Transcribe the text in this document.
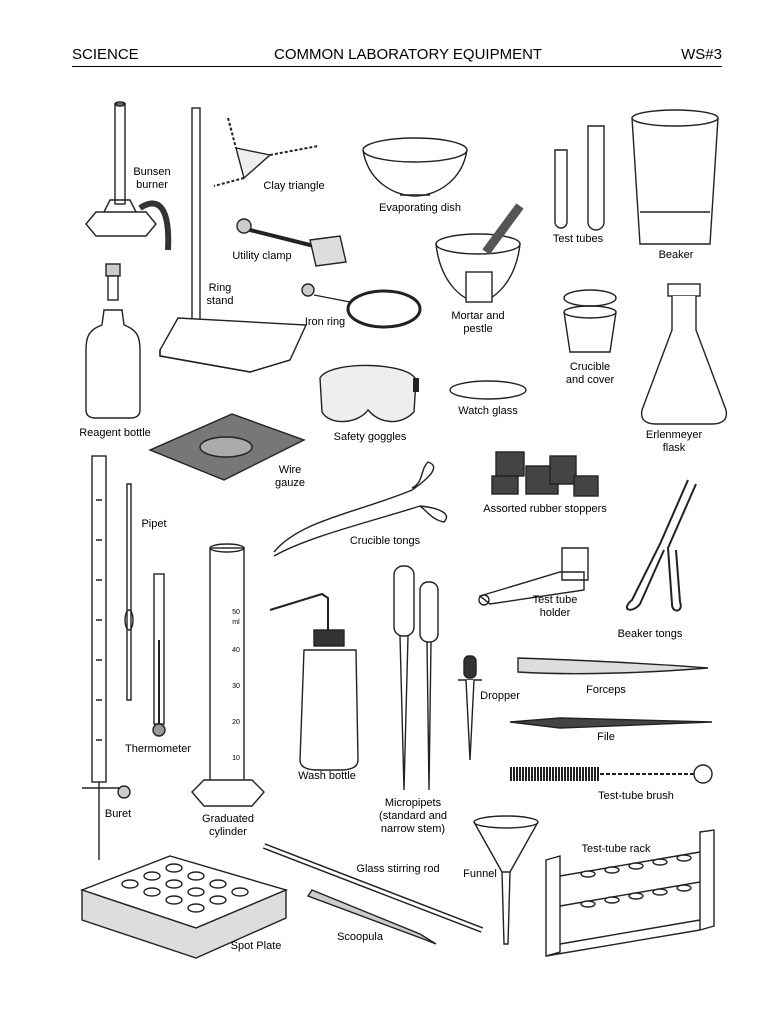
SCIENCE	COMMON LABORATORY EQUIPMENT	WS#3
50
ml
40
30
20
10
Bunsen
burner	Clay triangle
Evaporating dish
Test tubes
Beaker
Utility clamp
Ring
stand
Iron ring	Mortar and
pestle
Crucible
and cover
Erlenmeyer
flask
Watch glass
Safety goggles
Reagent bottle
Wire
gauze
Assorted rubber stoppers
Pipet
Crucible tongs
Test tube
holder
Beaker tongs
Dropper	Forceps
Thermometer
File
Wash bottle
Test-tube brush
Buret	Graduated
cylinder
Micropipets
(standard and
narrow stem)
Test-tube rack
Glass stirring rod Funnel
Spot Plate
Scoopula
